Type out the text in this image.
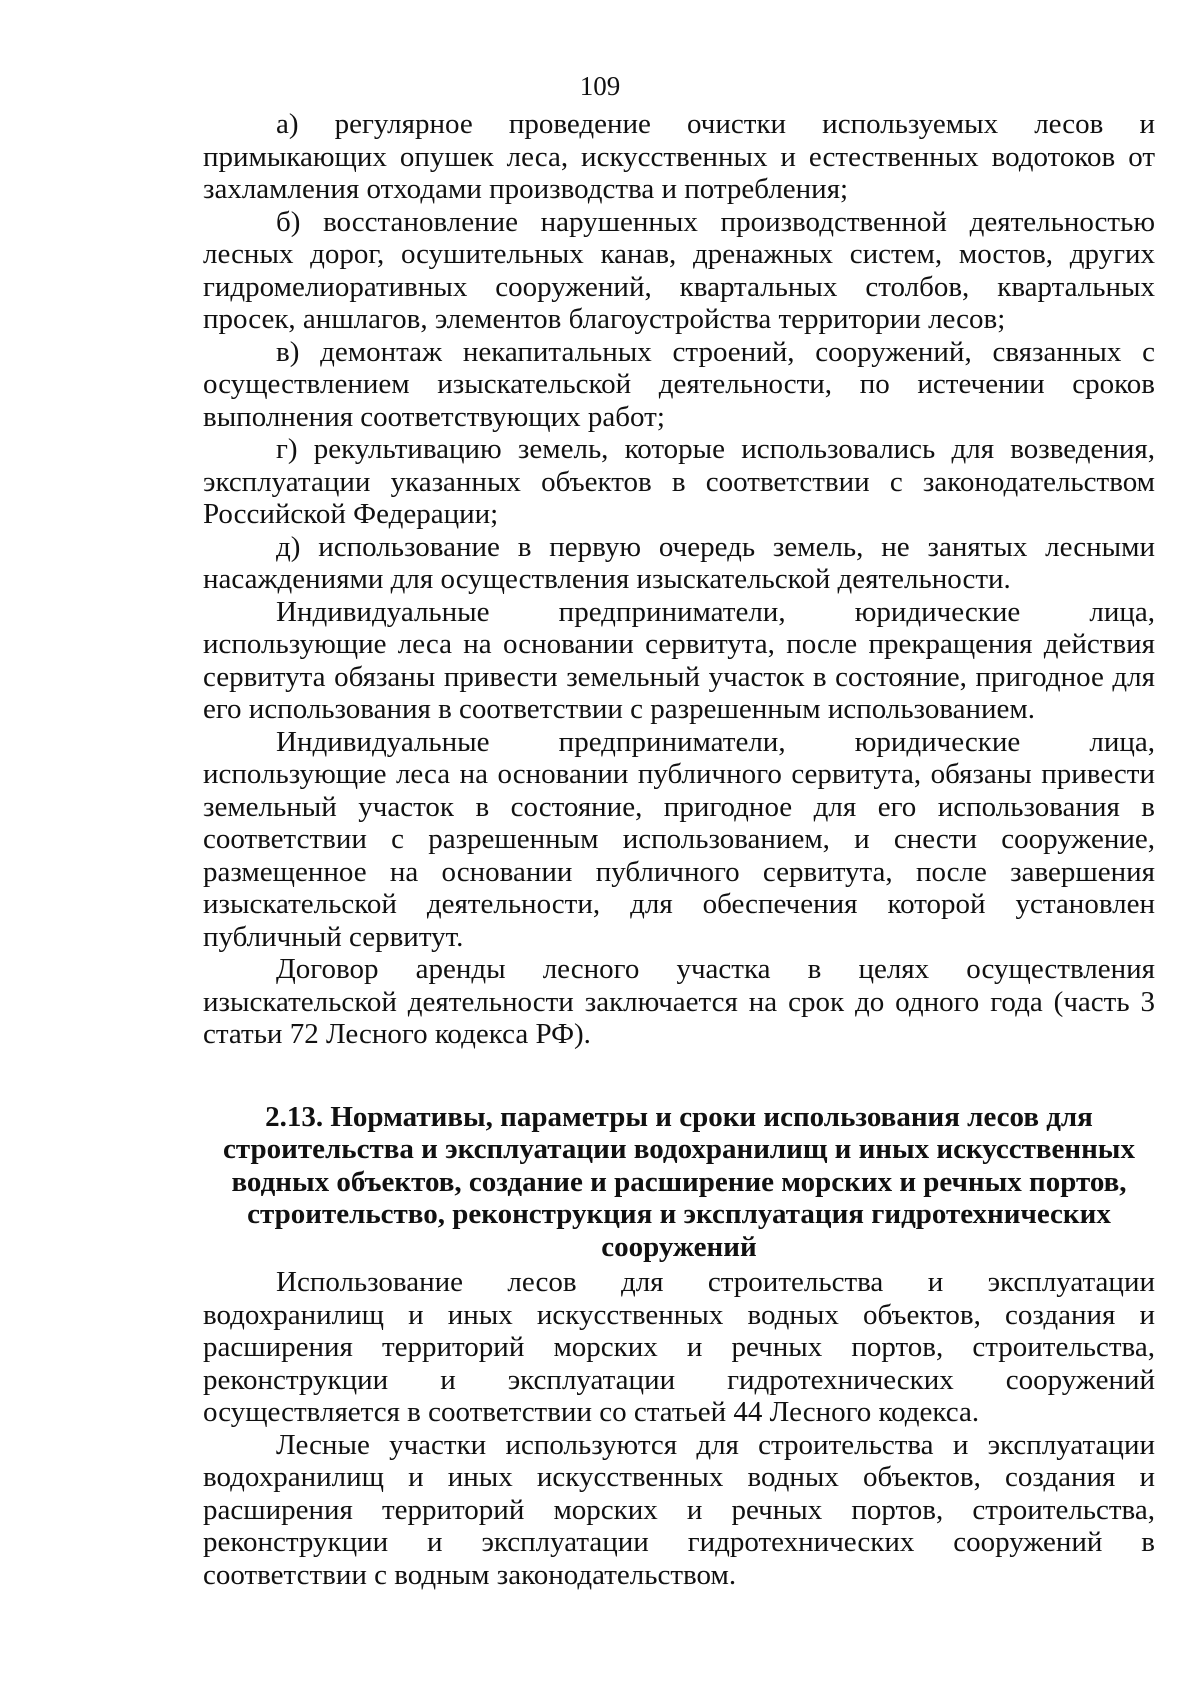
109

а) регулярное проведение очистки используемых лесов и примыкающих опушек леса, искусственных и естественных водотоков от захламления отходами производства и потребления;

б) восстановление нарушенных производственной деятельностью лесных дорог, осушительных канав, дренажных систем, мостов, других гидромелиоративных сооружений, квартальных столбов, квартальных просек, аншлагов, элементов благоустройства территории лесов;

в) демонтаж некапитальных строений, сооружений, связанных с осуществлением изыскательской деятельности, по истечении сроков выполнения соответствующих работ;

г) рекультивацию земель, которые использовались для возведения, эксплуатации указанных объектов в соответствии с законодательством Российской Федерации;

д) использование в первую очередь земель, не занятых лесными насаждениями для осуществления изыскательской деятельности.

Индивидуальные предприниматели, юридические лица, использующие леса на основании сервитута, после прекращения действия сервитута обязаны привести земельный участок в состояние, пригодное для его использования в соответствии с разрешенным использованием.

Индивидуальные предприниматели, юридические лица, использующие леса на основании публичного сервитута, обязаны привести земельный участок в состояние, пригодное для его использования в соответствии с разрешенным использованием, и снести сооружение, размещенное на основании публичного сервитута, после завершения изыскательской деятельности, для обеспечения которой установлен публичный сервитут.

Договор аренды лесного участка в целях осуществления изыскательской деятельности заключается на срок до одного года (часть 3 статьи 72 Лесного кодекса РФ).

2.13. Нормативы, параметры и сроки использования лесов для строительства и эксплуатации водохранилищ и иных искусственных водных объектов, создание и расширение морских и речных портов, строительство, реконструкция и эксплуатация гидротехнических сооружений

Использование лесов для строительства и эксплуатации водохранилищ и иных искусственных водных объектов, создания и расширения территорий морских и речных портов, строительства, реконструкции и эксплуатации гидротехнических сооружений осуществляется в соответствии со статьей 44 Лесного кодекса.

Лесные участки используются для строительства и эксплуатации водохранилищ и иных искусственных водных объектов, создания и расширения территорий морских и речных портов, строительства, реконструкции и эксплуатации гидротехнических сооружений в соответствии с водным законодательством.
